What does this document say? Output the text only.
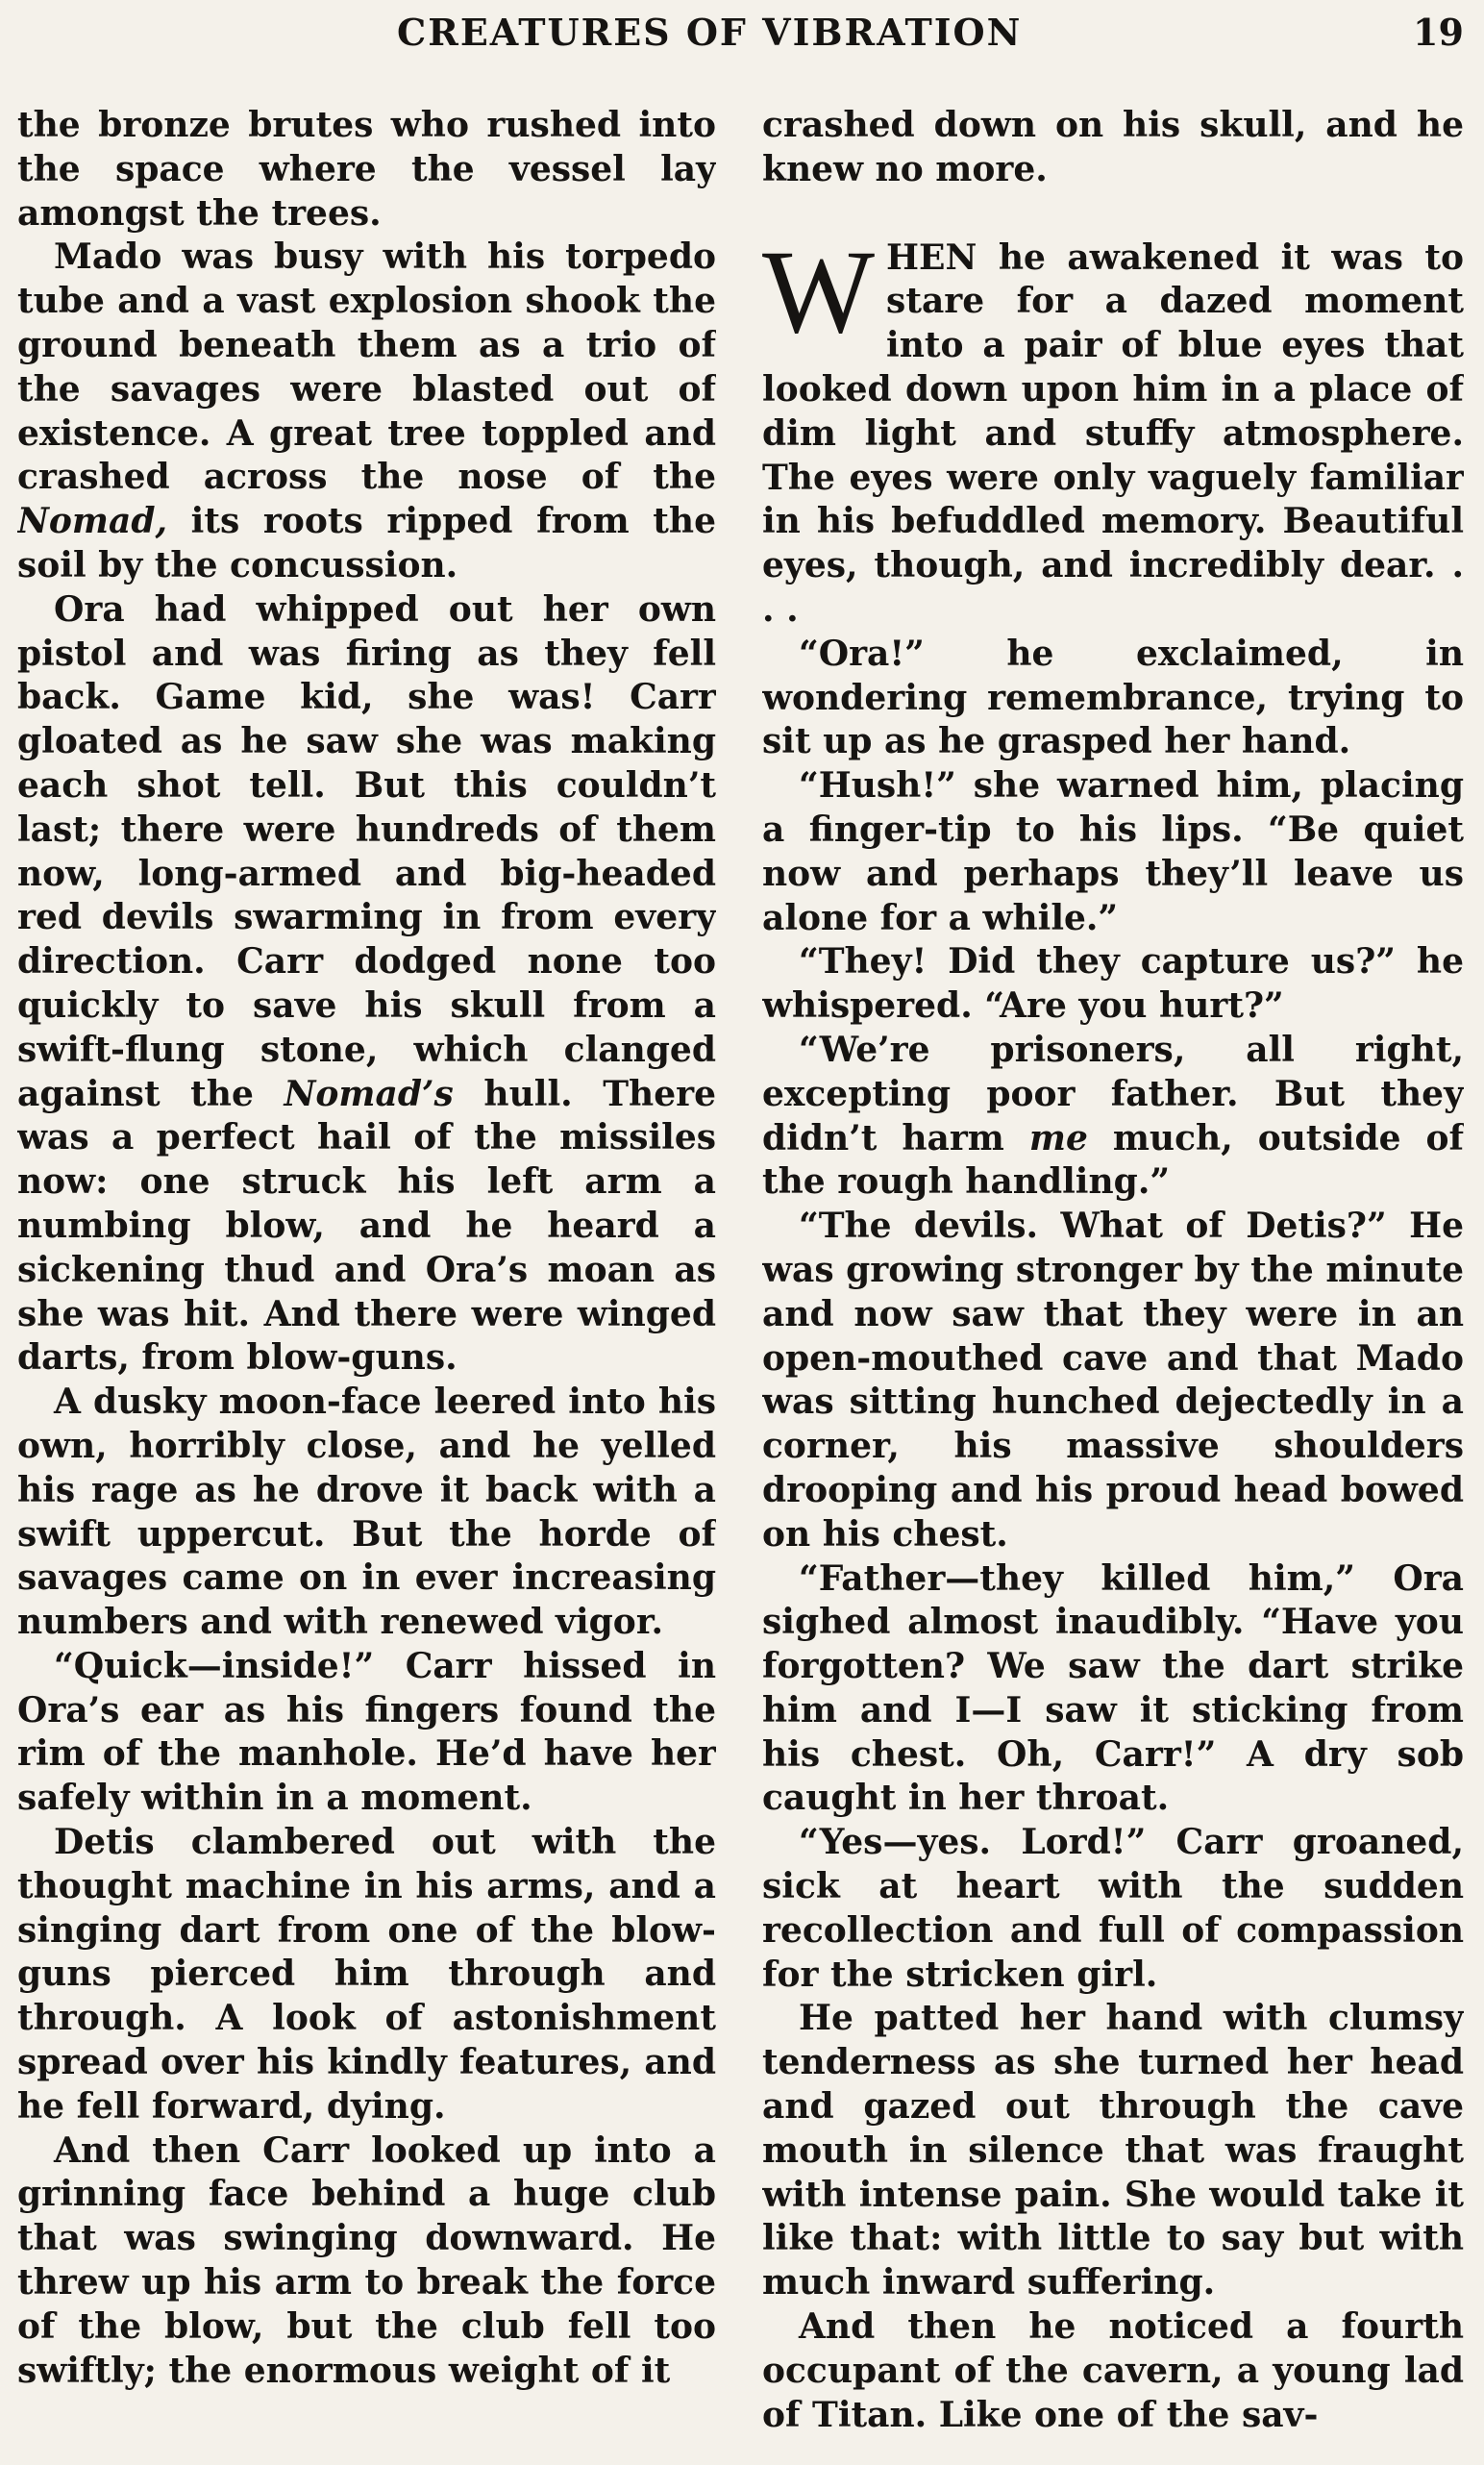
CREATURES OF VIBRATION	19

the bronze brutes who rushed into the space where the vessel lay amongst the trees.

Mado was busy with his torpedo tube and a vast explosion shook the ground beneath them as a trio of the savages were blasted out of existence. A great tree toppled and crashed across the nose of the Nomad, its roots ripped from the soil by the concussion.

Ora had whipped out her own pistol and was firing as they fell back. Game kid, she was! Carr gloated as he saw she was making each shot tell. But this couldn’t last; there were hundreds of them now, long-armed and big-headed red devils swarming in from every direction. Carr dodged none too quickly to save his skull from a swift-flung stone, which clanged against the Nomad’s hull. There was a perfect hail of the missiles now: one struck his left arm a numbing blow, and he heard a sickening thud and Ora’s moan as she was hit. And there were winged darts, from blow-guns.

A dusky moon-face leered into his own, horribly close, and he yelled his rage as he drove it back with a swift uppercut. But the horde of savages came on in ever increasing numbers and with renewed vigor.

“Quick—inside!” Carr hissed in Ora’s ear as his fingers found the rim of the manhole. He’d have her safely within in a moment.

Detis clambered out with the thought machine in his arms, and a singing dart from one of the blow-guns pierced him through and through. A look of astonishment spread over his kindly features, and he fell forward, dying.

And then Carr looked up into a grinning face behind a huge club that was swinging downward. He threw up his arm to break the force of the blow, but the club fell too swiftly; the enormous weight of it

crashed down on his skull, and he knew no more.

WHEN he awakened it was to stare for a dazed moment into a pair of blue eyes that looked down upon him in a place of dim light and stuffy atmosphere. The eyes were only vaguely familiar in his befuddled memory. Beautiful eyes, though, and incredibly dear. . . .

“Ora!” he exclaimed, in wondering remembrance, trying to sit up as he grasped her hand.

“Hush!” she warned him, placing a finger-tip to his lips. “Be quiet now and perhaps they’ll leave us alone for a while.”

“They! Did they capture us?” he whispered. “Are you hurt?”

“We’re prisoners, all right, excepting poor father. But they didn’t harm me much, outside of the rough handling.”

“The devils. What of Detis?” He was growing stronger by the minute and now saw that they were in an open-mouthed cave and that Mado was sitting hunched dejectedly in a corner, his massive shoulders drooping and his proud head bowed on his chest.

“Father—they killed him,” Ora sighed almost inaudibly. “Have you forgotten? We saw the dart strike him and I—I saw it sticking from his chest. Oh, Carr!” A dry sob caught in her throat.

“Yes—yes. Lord!” Carr groaned, sick at heart with the sudden recollection and full of compassion for the stricken girl.

He patted her hand with clumsy tenderness as she turned her head and gazed out through the cave mouth in silence that was fraught with intense pain. She would take it like that: with little to say but with much inward suffering.

And then he noticed a fourth occupant of the cavern, a young lad of Titan. Like one of the sav-
